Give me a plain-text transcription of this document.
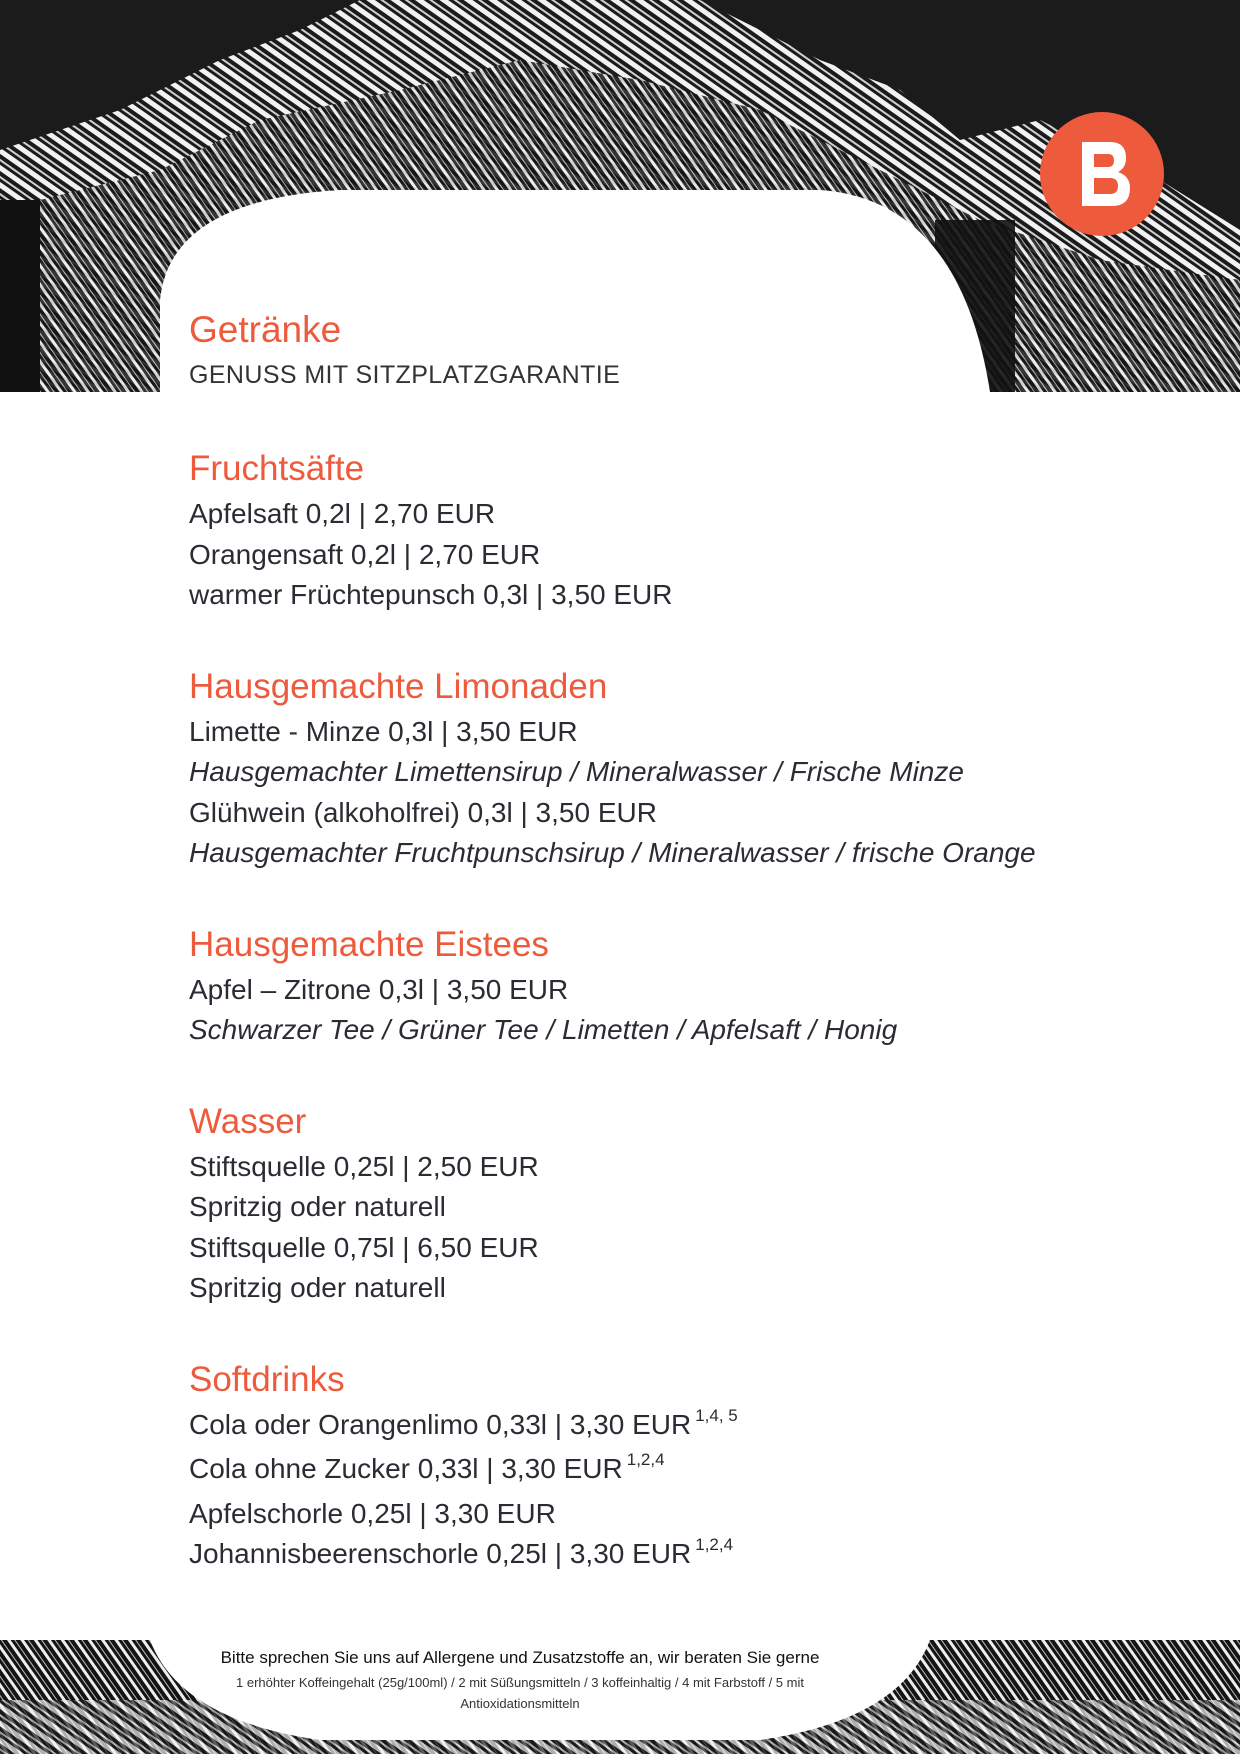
Getränke

GENUSS MIT SITZPLATZGARANTIE

Fruchtsäfte

Apfelsaft 0,2l | 2,70 EUR

Orangensaft 0,2l | 2,70 EUR

warmer Früchtepunsch 0,3l | 3,50 EUR

Hausgemachte Limonaden

Limette - Minze 0,3l | 3,50 EUR

Hausgemachter Limettensirup / Mineralwasser / Frische Minze

Glühwein (alkoholfrei) 0,3l | 3,50 EUR

Hausgemachter Fruchtpunschsirup / Mineralwasser / frische Orange

Hausgemachte Eistees

Apfel – Zitrone 0,3l | 3,50 EUR

Schwarzer Tee / Grüner Tee / Limetten / Apfelsaft / Honig

Wasser

Stiftsquelle 0,25l | 2,50 EUR

Spritzig oder naturell

Stiftsquelle 0,75l | 6,50 EUR

Spritzig oder naturell

Softdrinks

Cola oder Orangenlimo 0,33l | 3,30 EUR $^{1,4, 5}$

Cola ohne Zucker 0,33l | 3,30 EUR $^{1,2,4}$

Apfelschorle 0,25l | 3,30 EUR

Johannisbeerenschorle 0,25l | 3,30 EUR $^{1,2,4}$

Bitte sprechen Sie uns auf Allergene und Zusatzstoffe an, wir beraten Sie gerne

1 erhöhter Koffeingehalt (25g/100ml) / 2 mit Süßungsmitteln / 3 koffeinhaltig / 4 mit Farbstoff / 5 mit Antioxidationsmitteln
